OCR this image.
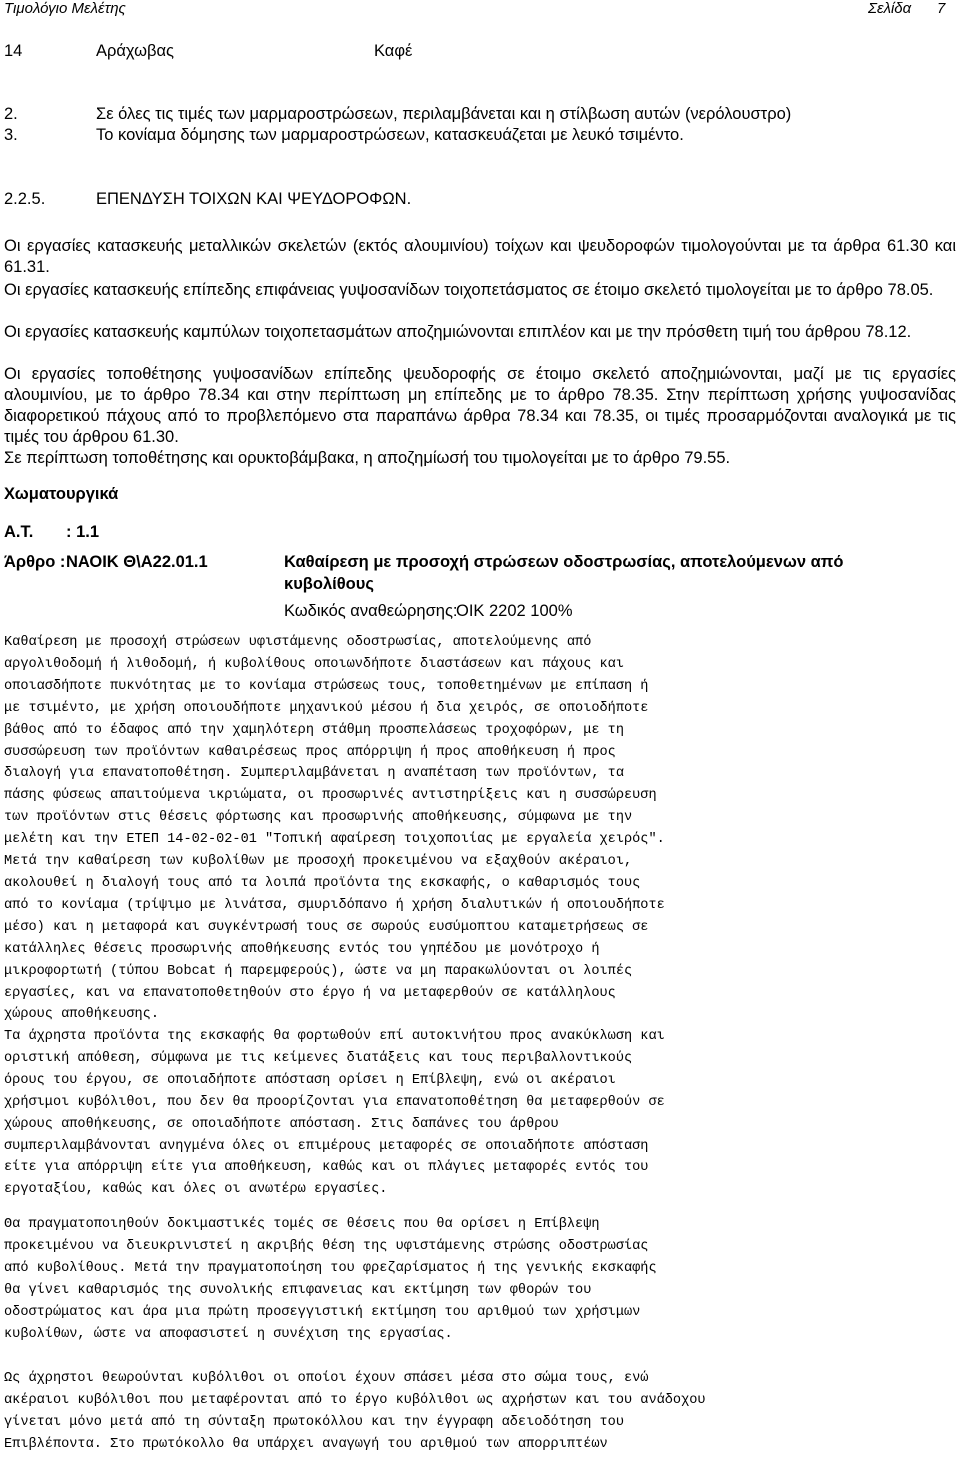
Τιμολόγιο Μελέτης	Σελίδα 7
14	Αράχωβας	Καφέ
2.	Σε όλες τις τιμές των μαρμαροστρώσεων, περιλαμβάνεται και η στίλβωση αυτών (νερόλουστρο)
3.	Το κονίαμα δόμησης των μαρμαροστρώσεων, κατασκευάζεται με λευκό τσιμέντο.
2.2.5.	ΕΠΕΝΔΥΣΗ ΤΟΙΧΩΝ ΚΑΙ ΨΕΥΔΟΡΟΦΩΝ.
Οι εργασίες κατασκευής μεταλλικών σκελετών (εκτός αλουμινίου) τοίχων και ψευδοροφών τιμολογούνται με τα άρθρα 61.30 και 61.31.
Οι εργασίες κατασκευής επίπεδης επιφάνειας γυψοσανίδων τοιχοπετάσματος σε έτοιμο σκελετό τιμολογείται με το άρθρο 78.05.
Οι εργασίες κατασκευής καμπύλων τοιχοπετασμάτων αποζημιώνονται επιπλέον και με την πρόσθετη τιμή του άρθρου 78.12.
Οι εργασίες τοποθέτησης γυψοσανίδων επίπεδης ψευδοροφής σε έτοιμο σκελετό αποζημιώνονται, μαζί με τις εργασίες αλουμινίου, με το άρθρο 78.34 και στην περίπτωση μη επίπεδης με το άρθρο 78.35. Στην περίπτωση χρήσης γυψοσανίδας διαφορετικού πάχους από το προβλεπόμενο στα παραπάνω άρθρα 78.34 και 78.35, οι τιμές προσαρμόζονται αναλογικά με τις τιμές του άρθρου 61.30.
Σε περίπτωση τοποθέτησης και ορυκτοβάμβακα, η αποζημίωσή του τιμολογείται με το άρθρο 79.55.
Χωματουργικά
Α.Τ. : 1.1
Άρθρο : ΝΑΟΙΚ Θ\Α22.01.1	Καθαίρεση με προσοχή στρώσεων οδοστρωσίας, αποτελούμενων από
κυβολίθους
Κωδικός αναθεώρησης:
ΟΙΚ 2202 100%
Καθαίρεση με προσοχή στρώσεων υφιστάμενης οδοστρωσίας, αποτελούμενης από
αργολιθοδομή ή λιθοδομή, ή κυβολίθους οποιωνδήποτε διαστάσεων και πάχους και
οποιασδήποτε πυκνότητας με το κονίαμα στρώσεως τους, τοποθετημένων με επίπαση ή
με τσιμέντο, με χρήση οποιουδήποτε μηχανικού μέσου ή δια χειρός, σε οποιοδήποτε
βάθος από το έδαφος από την χαμηλότερη στάθμη προσπελάσεως τροχοφόρων, με τη
συσσώρευση των προϊόντων καθαιρέσεως προς απόρριψη ή προς αποθήκευση ή προς
διαλογή για επανατοποθέτηση. Συμπεριλαμβάνεται η αναπέταση των προϊόντων, τα
πάσης φύσεως απαιτούμενα ικριώματα, οι προσωρινές αντιστηρίξεις και η συσσώρευση
των προϊόντων στις θέσεις φόρτωσης και προσωρινής αποθήκευσης, σύμφωνα με την
μελέτη και την ΕΤΕΠ 14-02-02-01 "Τοπική αφαίρεση τοιχοποιίας με εργαλεία χειρός".
Μετά την καθαίρεση των κυβολίθων με προσοχή προκειμένου να εξαχθούν ακέραιοι,
ακολουθεί η διαλογή τους από τα λοιπά προϊόντα της εκσκαφής, ο καθαρισμός τους
από το κονίαμα (τρίψιμο με λινάτσα, σμυριδόπανο ή χρήση διαλυτικών ή οποιουδήποτε
μέσο) και η μεταφορά και συγκέντρωσή τους σε σωρούς ευσύμοπτου καταμετρήσεως σε
κατάλληλες θέσεις προσωρινής αποθήκευσης εντός του γηπέδου με μονότροχο ή
μικροφορτωτή (τύπου Bobcat ή παρεμφερούς), ώστε να μη παρακωλύονται οι λοιπές
εργασίες, και να επανατοποθετηθούν στο έργο ή να μεταφερθούν σε κατάλληλους
χώρους αποθήκευσης.
Τα άχρηστα προϊόντα της εκσκαφής θα φορτωθούν επί αυτοκινήτου προς ανακύκλωση και
οριστική απόθεση, σύμφωνα με τις κείμενες διατάξεις και τους περιβαλλοντικούς
όρους του έργου, σε οποιαδήποτε απόσταση ορίσει η Επίβλεψη, ενώ οι ακέραιοι
χρήσιμοι κυβόλιθοι, που δεν θα προορίζονται για επανατοποθέτηση θα μεταφερθούν σε
χώρους αποθήκευσης, σε οποιαδήποτε απόσταση. Στις δαπάνες του άρθρου
συμπεριλαμβάνονται ανηγμένα όλες οι επιμέρους μεταφορές σε οποιαδήποτε απόσταση
είτε για απόρριψη είτε για αποθήκευση, καθώς και οι πλάγιες μεταφορές εντός του
εργοταξίου, καθώς και όλες οι ανωτέρω εργασίες.
Θα πραγματοποιηθούν δοκιμαστικές τομές σε θέσεις που θα ορίσει η Επίβλεψη
προκειμένου να διευκρινιστεί η ακριβής θέση της υφιστάμενης στρώσης οδοστρωσίας
από κυβολίθους. Μετά την πραγματοποίηση του φρεζαρίσματος ή της γενικής εκσκαφής
θα γίνει καθαρισμός της συνολικής επιφανειας και εκτίμηση των φθορών του
οδοστρώματος και άρα μια πρώτη προσεγγιστική εκτίμηση του αριθμού των χρήσιμων
κυβολίθων, ώστε να αποφασιστεί η συνέχιση της εργασίας.
Ως άχρηστοι θεωρούνται κυβόλιθοι οι οποίοι έχουν σπάσει μέσα στο σώμα τους, ενώ
ακέραιοι κυβόλιθοι που μεταφέρονται από το έργο κυβόλιθοι ως αχρήστων και του ανάδοχου
γίνεται μόνο μετά από τη σύνταξη πρωτοκόλλου και την έγγραφη αδειοδότηση του
Επιβλέποντα. Στο πρωτόκολλο θα υπάρχει αναγωγή του αριθμού των απορριπτέων
